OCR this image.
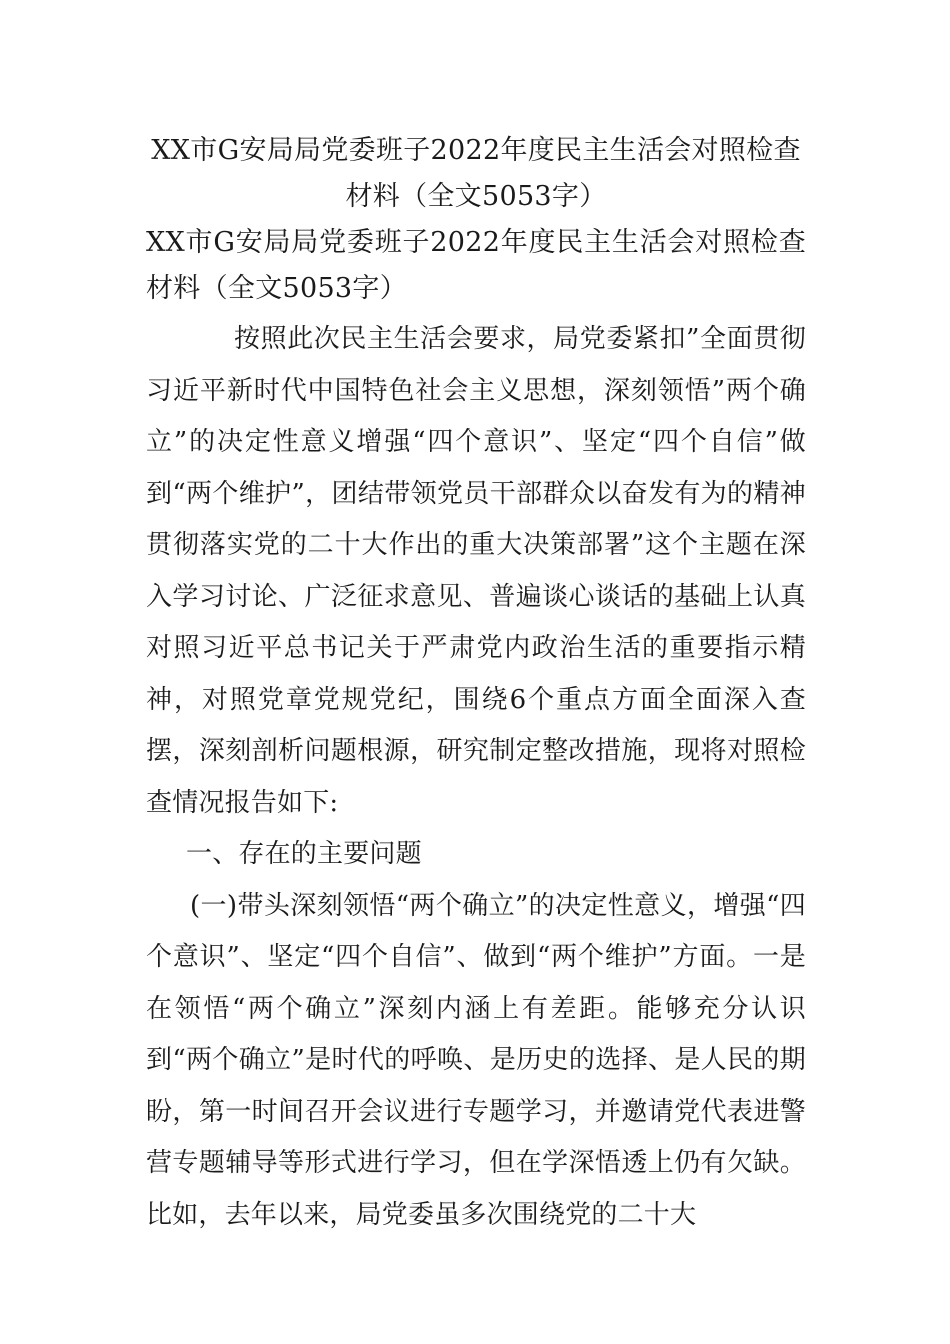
XX市G安局局党委班子2022年度民主生活会对照检查材料（全文5053字）

XX市G安局局党委班子2022年度民主生活会对照检查材料（全文5053字）

按照此次民主生活会要求，局党委紧扣”全面贯彻习近平新时代中国特色社会主义思想，深刻领悟”两个确立”的决定性意义增强“四个意识”、坚定“四个自信”做到“两个维护”，团结带领党员干部群众以奋发有为的精神贯彻落实党的二十大作出的重大决策部署”这个主题在深入学习讨论、广泛征求意见、普遍谈心谈话的基础上认真对照习近平总书记关于严肃党内政治生活的重要指示精神，对照党章党规党纪，围绕6个重点方面全面深入查摆，深刻剖析问题根源，研究制定整改措施，现将对照检查情况报告如下:

一、存在的主要问题

(一)带头深刻领悟“两个确立”的决定性意义，增强“四个意识”、坚定“四个自信”、做到“两个维护”方面。一是在领悟“两个确立”深刻内涵上有差距。能够充分认识到“两个确立”是时代的呼唤、是历史的选择、是人民的期盼，第一时间召开会议进行专题学习，并邀请党代表进警营专题辅导等形式进行学习，但在学深悟透上仍有欠缺。比如，去年以来，局党委虽多次围绕党的二十大
